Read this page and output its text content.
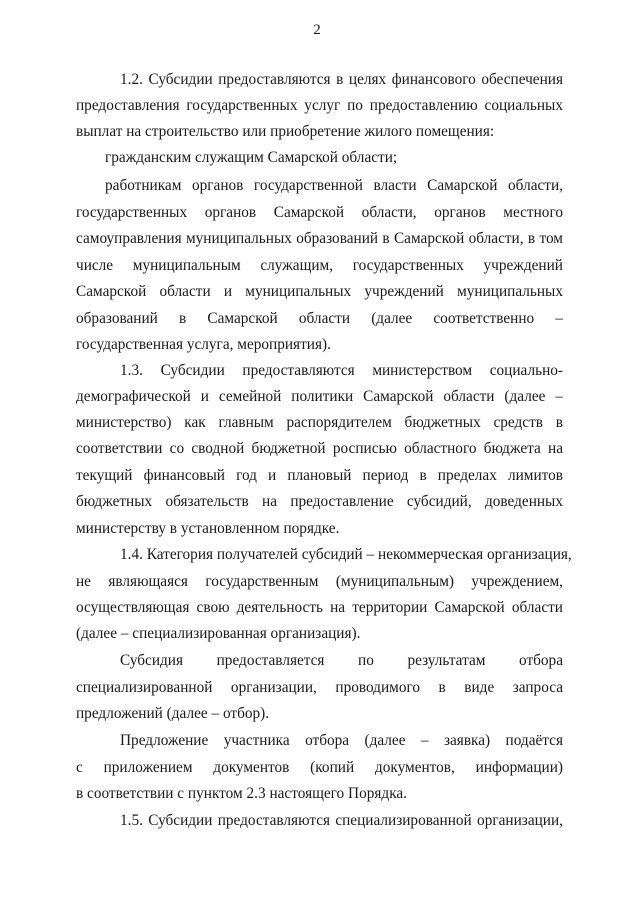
2
1.2. Субсидии предоставляются в целях финансового обеспечения
предоставления государственных услуг по предоставлению социальных
выплат на строительство или приобретение жилого помещения:
гражданским служащим Самарской области;
работникам органов государственной власти Самарской области,
государственных органов Самарской области, органов местного
самоуправления муниципальных образований в Самарской области, в том
числе муниципальным служащим, государственных учреждений
Самарской области и муниципальных учреждений муниципальных
образований в Самарской области (далее соответственно –
государственная услуга, мероприятия).
1.3. Субсидии предоставляются министерством социально-
демографической и семейной политики Самарской области (далее –
министерство) как главным распорядителем бюджетных средств в
соответствии со сводной бюджетной росписью областного бюджета на
текущий финансовый год и плановый период в пределах лимитов
бюджетных обязательств на предоставление субсидий, доведенных
министерству в установленном порядке.
1.4. Категория получателей субсидий – некоммерческая организация,
не являющаяся государственным (муниципальным) учреждением,
осуществляющая свою деятельность на территории Самарской области
(далее – специализированная организация).
Субсидия предоставляется по результатам отбора
специализированной организации, проводимого в виде запроса
предложений (далее – отбор).
Предложение участника отбора (далее – заявка) подаётся
с приложением документов (копий документов, информации)
в соответствии с пунктом 2.3 настоящего Порядка.
1.5. Субсидии предоставляются специализированной организации,
